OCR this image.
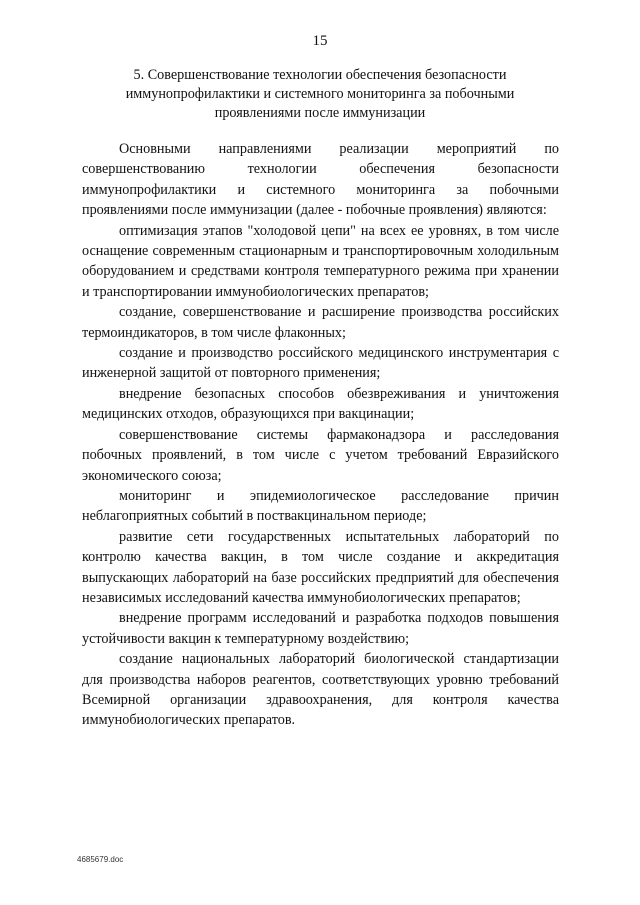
15
5. Совершенствование технологии обеспечения безопасности иммунопрофилактики и системного мониторинга за побочными проявлениями после иммунизации

Основными направлениями реализации мероприятий по совершенствованию технологии обеспечения безопасности иммунопрофилактики и системного мониторинга за побочными проявлениями после иммунизации (далее - побочные проявления) являются:

оптимизация этапов "холодовой цепи" на всех ее уровнях, в том числе оснащение современным стационарным и транспортировочным холодильным оборудованием и средствами контроля температурного режима при хранении и транспортировании иммунобиологических препаратов;

создание, совершенствование и расширение производства российских термоиндикаторов, в том числе флаконных;

создание и производство российского медицинского инструментария с инженерной защитой от повторного применения;

внедрение безопасных способов обезвреживания и уничтожения медицинских отходов, образующихся при вакцинации;

совершенствование системы фармаконадзора и расследования побочных проявлений, в том числе с учетом требований Евразийского экономического союза;

мониторинг и эпидемиологическое расследование причин неблагоприятных событий в поствакцинальном периоде;

развитие сети государственных испытательных лабораторий по контролю качества вакцин, в том числе создание и аккредитация выпускающих лабораторий на базе российских предприятий для обеспечения независимых исследований качества иммунобиологических препаратов;

внедрение программ исследований и разработка подходов повышения устойчивости вакцин к температурному воздействию;

создание национальных лабораторий биологической стандартизации для производства наборов реагентов, соответствующих уровню требований Всемирной организации здравоохранения, для контроля качества иммунобиологических препаратов.

4685679.doc
